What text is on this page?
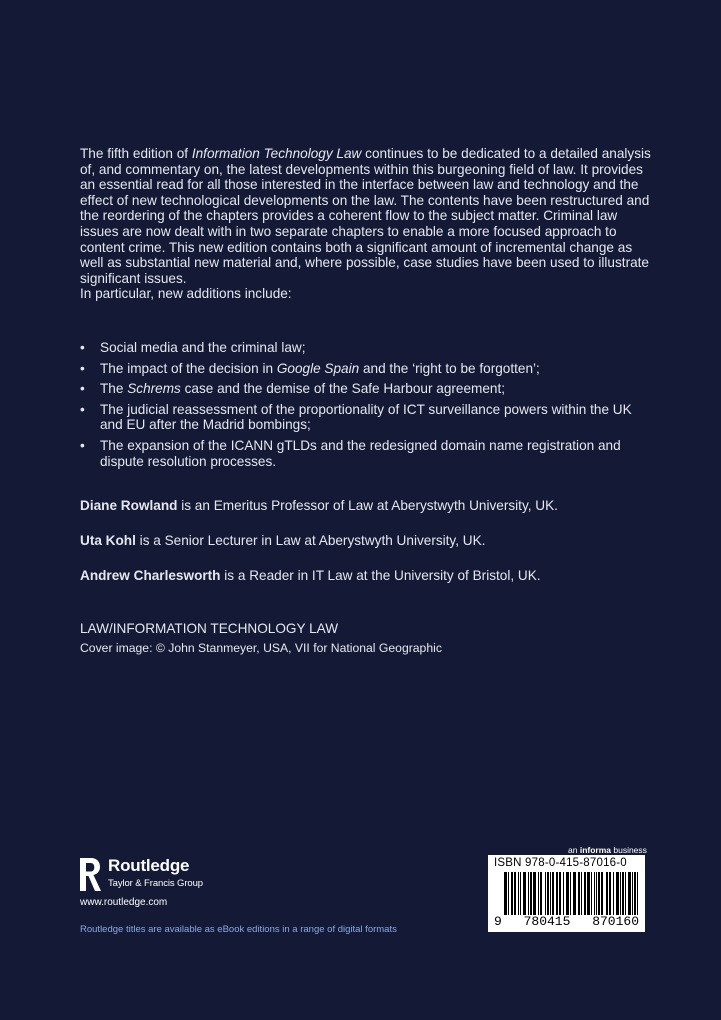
The fifth edition of Information Technology Law continues to be dedicated to a detailed analysis of, and commentary on, the latest developments within this burgeoning field of law. It provides an essential read for all those interested in the interface between law and technology and the effect of new technological developments on the law. The contents have been restructured and the reordering of the chapters provides a coherent flow to the subject matter. Criminal law issues are now dealt with in two separate chapters to enable a more focused approach to content crime. This new edition contains both a significant amount of incremental change as well as substantial new material and, where possible, case studies have been used to illustrate significant issues.
In particular, new additions include:

• Social media and the criminal law;
• The impact of the decision in Google Spain and the ‘right to be forgotten’;
• The Schrems case and the demise of the Safe Harbour agreement;
• The judicial reassessment of the proportionality of ICT surveillance powers within the UK and EU after the Madrid bombings;
• The expansion of the ICANN gTLDs and the redesigned domain name registration and dispute resolution processes.

Diane Rowland is an Emeritus Professor of Law at Aberystwyth University, UK.

Uta Kohl is a Senior Lecturer in Law at Aberystwyth University, UK.

Andrew Charlesworth is a Reader in IT Law at the University of Bristol, UK.

LAW/INFORMATION TECHNOLOGY LAW

Cover image: © John Stanmeyer, USA, VII for National Geographic

Routledge
Taylor & Francis Group
www.routledge.com
Routledge titles are available as eBook editions in a range of digital formats
an informa business
ISBN 978-0-415-87016-0
9 780415 870160
